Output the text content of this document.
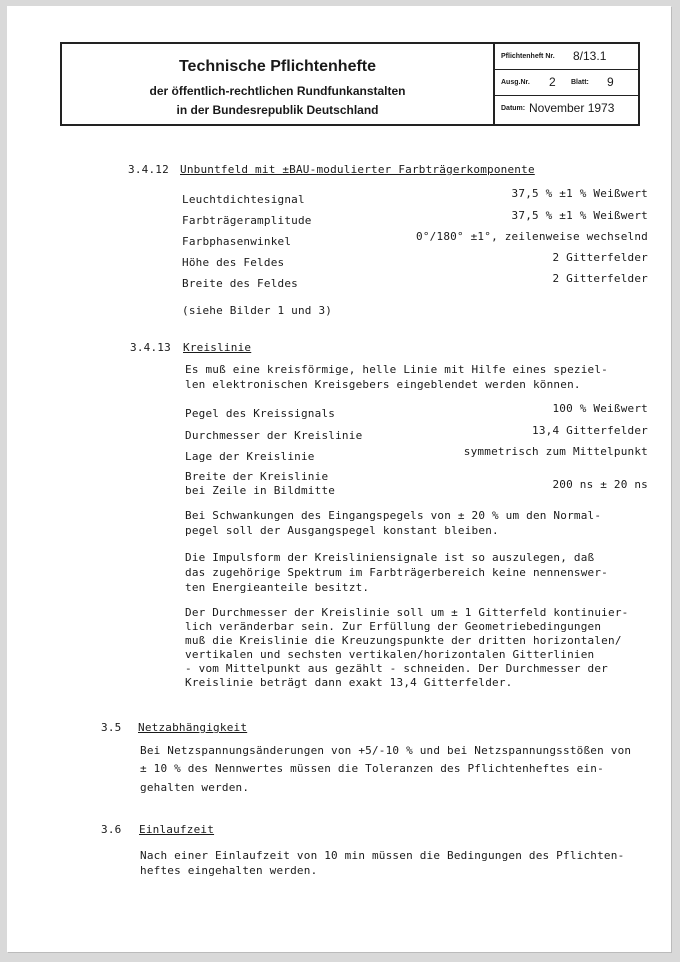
Technische Pflichtenhefte
der öffentlich-rechtlichen Rundfunkanstalten
in der Bundesrepublik Deutschland
Pflichtenheft Nr. 8/13.1
Ausg.Nr. 2 Blatt: 9
Datum: November 1973
3.4.12 Unbuntfeld mit ±BAU-modulierter Farbträgerkomponente
Leuchtdichtesignal	37,5 % ±1 % Weißwert
Farbträgeramplitude	37,5 % ±1 % Weißwert
Farbphasenwinkel	0°/180° ±1°, zeilenweise wechselnd
Höhe des Feldes	2 Gitterfelder
Breite des Feldes	2 Gitterfelder
(siehe Bilder 1 und 3)
3.4.13 Kreislinie
Es muß eine kreisförmige, helle Linie mit Hilfe eines speziel-
len elektronischen Kreisgebers eingeblendet werden können.
Pegel des Kreissignals	100 % Weißwert
Durchmesser der Kreislinie	13,4 Gitterfelder
Lage der Kreislinie	symmetrisch zum Mittelpunkt
Breite der Kreislinie
bei Zeile in Bildmitte	200 ns ± 20 ns
Bei Schwankungen des Eingangspegels von ± 20 % um den Normal-
pegel soll der Ausgangspegel konstant bleiben.
Die Impulsform der Kreisliniensignale ist so auszulegen, daß
das zugehörige Spektrum im Farbträgerbereich keine nennenswer-
ten Energieanteile besitzt.
Der Durchmesser der Kreislinie soll um ± 1 Gitterfeld kontinuier-
lich veränderbar sein. Zur Erfüllung der Geometriebedingungen
muß die Kreislinie die Kreuzungspunkte der dritten horizontalen/
vertikalen und sechsten vertikalen/horizontalen Gitterlinien
- vom Mittelpunkt aus gezählt - schneiden. Der Durchmesser der
Kreislinie beträgt dann exakt 13,4 Gitterfelder.
3.5 Netzabhängigkeit
Bei Netzspannungsänderungen von +5/-10 % und bei Netzspannungsstößen von
± 10 % des Nennwertes müssen die Toleranzen des Pflichtenheftes ein-
gehalten werden.
3.6 Einlaufzeit
Nach einer Einlaufzeit von 10 min müssen die Bedingungen des Pflichten-
heftes eingehalten werden.
